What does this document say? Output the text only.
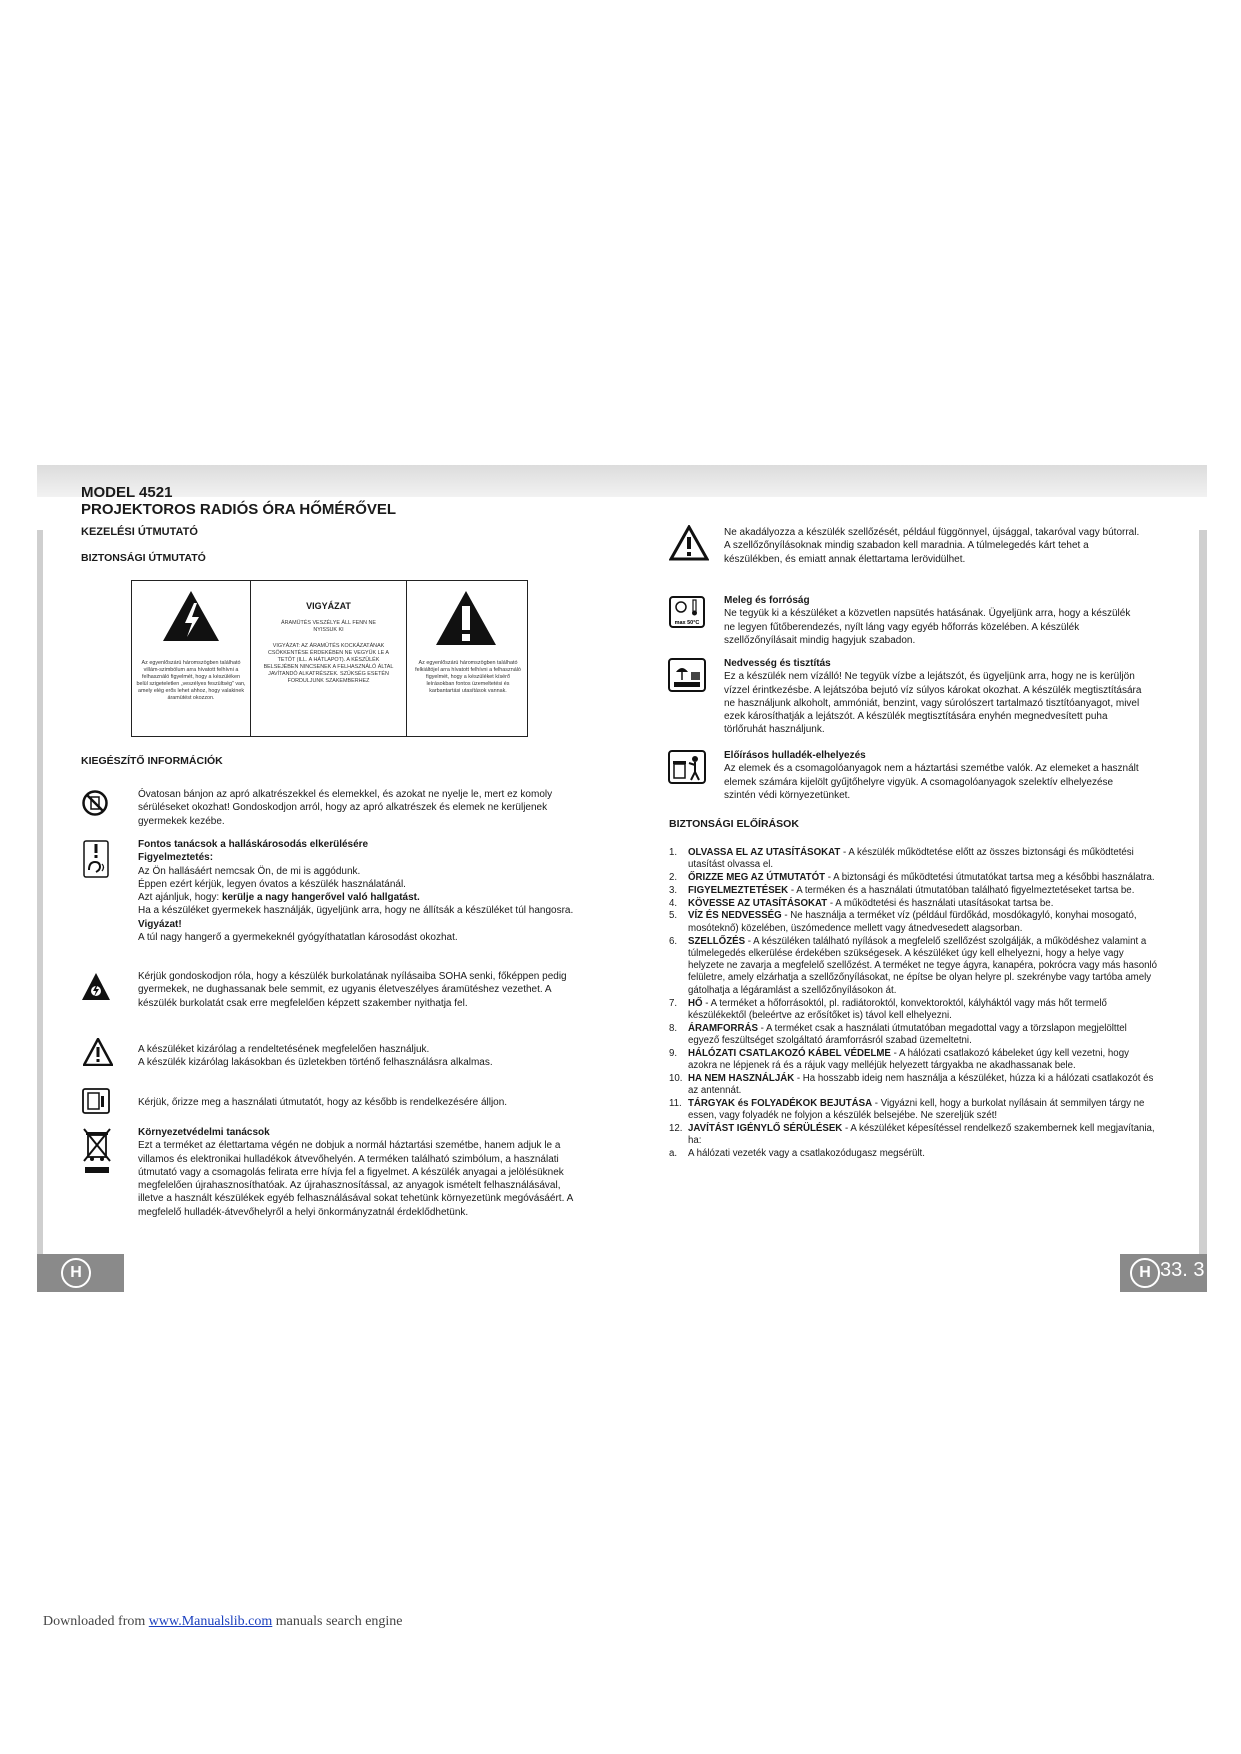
MODEL 4521
PROJEKTOROS RADIÓS ÓRA HŐMÉRŐVEL
KEZELÉSI ÚTMUTATÓ
BIZTONSÁGI ÚTMUTATÓ
Az egyenlőszárú háromszögben található villám-szimbólum arra hívatott felhívni a felhasználó figyelmét, hogy a készüléken belül szigeteletlen „veszélyes feszültség” van, amely elég erős lehet ahhoz, hogy valakinek áramütést okozzon.
VIGYÁZAT
ÁRAMÜTÉS VESZÉLYE ÁLL FENN NE NYISSUK KI
VIGYÁZAT: AZ ÁRAMÜTÉS KOCKÁZATÁNAK CSÖKKENTÉSE ÉRDEKÉBEN NE VEGYÜK LE A TETŐT (ILL. A HÁTLAPOT). A KÉSZÜLÉK BELSEJÉBEN NINCSENEK A FELHASZNÁLÓ ÁLTAL JAVÍTANDÓ ALKATRÉSZEK. SZÜKSÉG ESETÉN FORDULJUNK SZAKEMBERHEZ
Az egyenlőszárú háromszögben található felkiáltójel arra hívatott felhívni a felhasználó figyelmét, hogy a készüléket kísérő leírásokban fontos üzemeltetési és karbantartási utasítások vannak.
KIEGÉSZÍTŐ INFORMÁCIÓK
Óvatosan bánjon az apró alkatrészekkel és elemekkel, és azokat ne nyelje le, mert ez komoly sérüléseket okozhat! Gondoskodjon arról, hogy az apró alkatrészek és elemek ne kerüljenek gyermekek kezébe.
Fontos tanácsok a halláskárosodás elkerülésére
Figyelmeztetés:
Az Ön hallásáért nemcsak Ön, de mi is aggódunk.
Éppen ezért kérjük, legyen óvatos a készülék használatánál.
Azt ajánljuk, hogy: kerülje a nagy hangerővel való hallgatást.
Ha a készüléket gyermekek használják, ügyeljünk arra, hogy ne állítsák a készüléket túl hangosra.
Vigyázat!
A túl nagy hangerő a gyermekeknél gyógyíthatatlan károsodást okozhat.
Kérjük gondoskodjon róla, hogy a készülék burkolatának nyílásaiba SOHA senki, főképpen pedig gyermekek, ne dughassanak bele semmit, ez ugyanis életveszélyes áramütéshez vezethet. A készülék burkolatát csak erre megfelelően képzett szakember nyithatja fel.
A készüléket kizárólag a rendeltetésének megfelelően használjuk.
A készülék kizárólag lakásokban és üzletekben történő felhasználásra alkalmas.
Kérjük, őrizze meg a használati útmutatót, hogy az később is rendelkezésére álljon.
Környezetvédelmi tanácsok
Ezt a terméket az élettartama végén ne dobjuk a normál háztartási szemétbe, hanem adjuk le a villamos és elektronikai hulladékok átvevőhelyén. A terméken található szimbólum, a használati útmutató vagy a csomagolás felirata erre hívja fel a figyelmet. A készülék anyagai a jelölésüknek megfelelően újrahasznosíthatóak. Az újrahasznosítással, az anyagok ismételt felhasználásával, illetve a használt készülékek egyéb felhasználásával sokat tehetünk környezetünk megóvásáért. A megfelelő hulladék-átvevőhelyről a helyi önkormányzatnál érdeklődhetünk.
H
Ne akadályozza a készülék szellőzését, például függönnyel, újsággal, takaróval vagy bútorral. A szellőzőnyílásoknak mindig szabadon kell maradnia. A túlmelegedés kárt tehet a készülékben, és emiatt annak élettartama lerövidülhet.
max 50°C
Meleg és forróság
Ne tegyük ki a készüléket a közvetlen napsütés hatásának. Ügyeljünk arra, hogy a készülék ne legyen fűtőberendezés, nyílt láng vagy egyéb hőforrás közelében. A készülék szellőzőnyílásait mindig hagyjuk szabadon.
Nedvesség és tisztítás
Ez a készülék nem vízálló! Ne tegyük vízbe a lejátszót, és ügyeljünk arra, hogy ne is kerüljön vízzel érintkezésbe. A lejátszóba bejutó víz súlyos károkat okozhat. A készülék megtisztítására ne használjunk alkoholt, ammóniát, benzint, vagy súrolószert tartalmazó tisztítóanyagot, mivel ezek károsíthatják a lejátszót. A készülék megtisztítására enyhén megnedvesített puha törlőruhát használjunk.
Előírásos hulladék-elhelyezés
Az elemek és a csomagolóanyagok nem a háztartási szemétbe valók. Az elemeket a használt elemek számára kijelölt gyűjtőhelyre vigyük. A csomagolóanyagok szelektív elhelyezése szintén védi környezetünket.
BIZTONSÁGI ELŐÍRÁSOK
1. OLVASSA EL AZ UTASÍTÁSOKAT - A készülék működtetése előtt az összes biztonsági és működtetési utasítást olvassa el.
2. ŐRIZZE MEG AZ ÚTMUTATÓT - A biztonsági és működtetési útmutatókat tartsa meg a későbbi használatra.
3. FIGYELMEZTETÉSEK - A terméken és a használati útmutatóban található figyelmeztetéseket tartsa be.
4. KÖVESSE AZ UTASÍTÁSOKAT - A működtetési és használati utasításokat tartsa be.
5. VÍZ ÉS NEDVESSÉG - Ne használja a terméket víz (például fürdőkád, mosdókagyló, konyhai mosogató, mosóteknő) közelében, üszómedence mellett vagy átnedvesedett alagsorban.
6. SZELLŐZÉS - A készüléken található nyílások a megfelelő szellőzést szolgálják, a működéshez valamint a túlmelegedés elkerülése érdekében szükségesek. A készüléket úgy kell elhelyezni, hogy a helye vagy helyzete ne zavarja a megfelelő szellőzést. A terméket ne tegye ágyra, kanapéra, pokrócra vagy más hasonló felületre, amely elzárhatja a szellőzőnyílásokat, ne építse be olyan helyre pl. szekrénybe vagy tartóba amely gátolhatja a légáramlást a szellőzőnyílásokon át.
7. HŐ - A terméket a hőforrásoktól, pl. radiátoroktól, konvektoroktól, kályháktól vagy más hőt termelő készülékektől (beleértve az erősítőket is) távol kell elhelyezni.
8. ÁRAMFORRÁS - A terméket csak a használati útmutatóban megadottal vagy a törzslapon megjelölttel egyező feszültséget szolgáltató áramforrásról szabad üzemeltetni.
9. HÁLÓZATI CSATLAKOZÓ KÁBEL VÉDELME - A hálózati csatlakozó kábeleket úgy kell vezetni, hogy azokra ne lépjenek rá és a rájuk vagy melléjük helyezett tárgyakba ne akadhassanak bele.
10. HA NEM HASZNÁLJÁK - Ha hosszabb ideig nem használja a készüléket, húzza ki a hálózati csatlakozót és az antennát.
11. TÁRGYAK és FOLYADÉKOK BEJUTÁSA - Vigyázni kell, hogy a burkolat nyílásain át semmilyen tárgy ne essen, vagy folyadék ne folyjon a készülék belsejébe. Ne szereljük szét!
12. JAVÍTÁST IGÉNYLŐ SÉRÜLÉSEK - A készüléket képesítéssel rendelkező szakembernek kell megjavítania, ha:
a. A hálózati vezeték vagy a csatlakozódugasz megsérült.
H 33. 3
Downloaded from www.Manualslib.com manuals search engine
